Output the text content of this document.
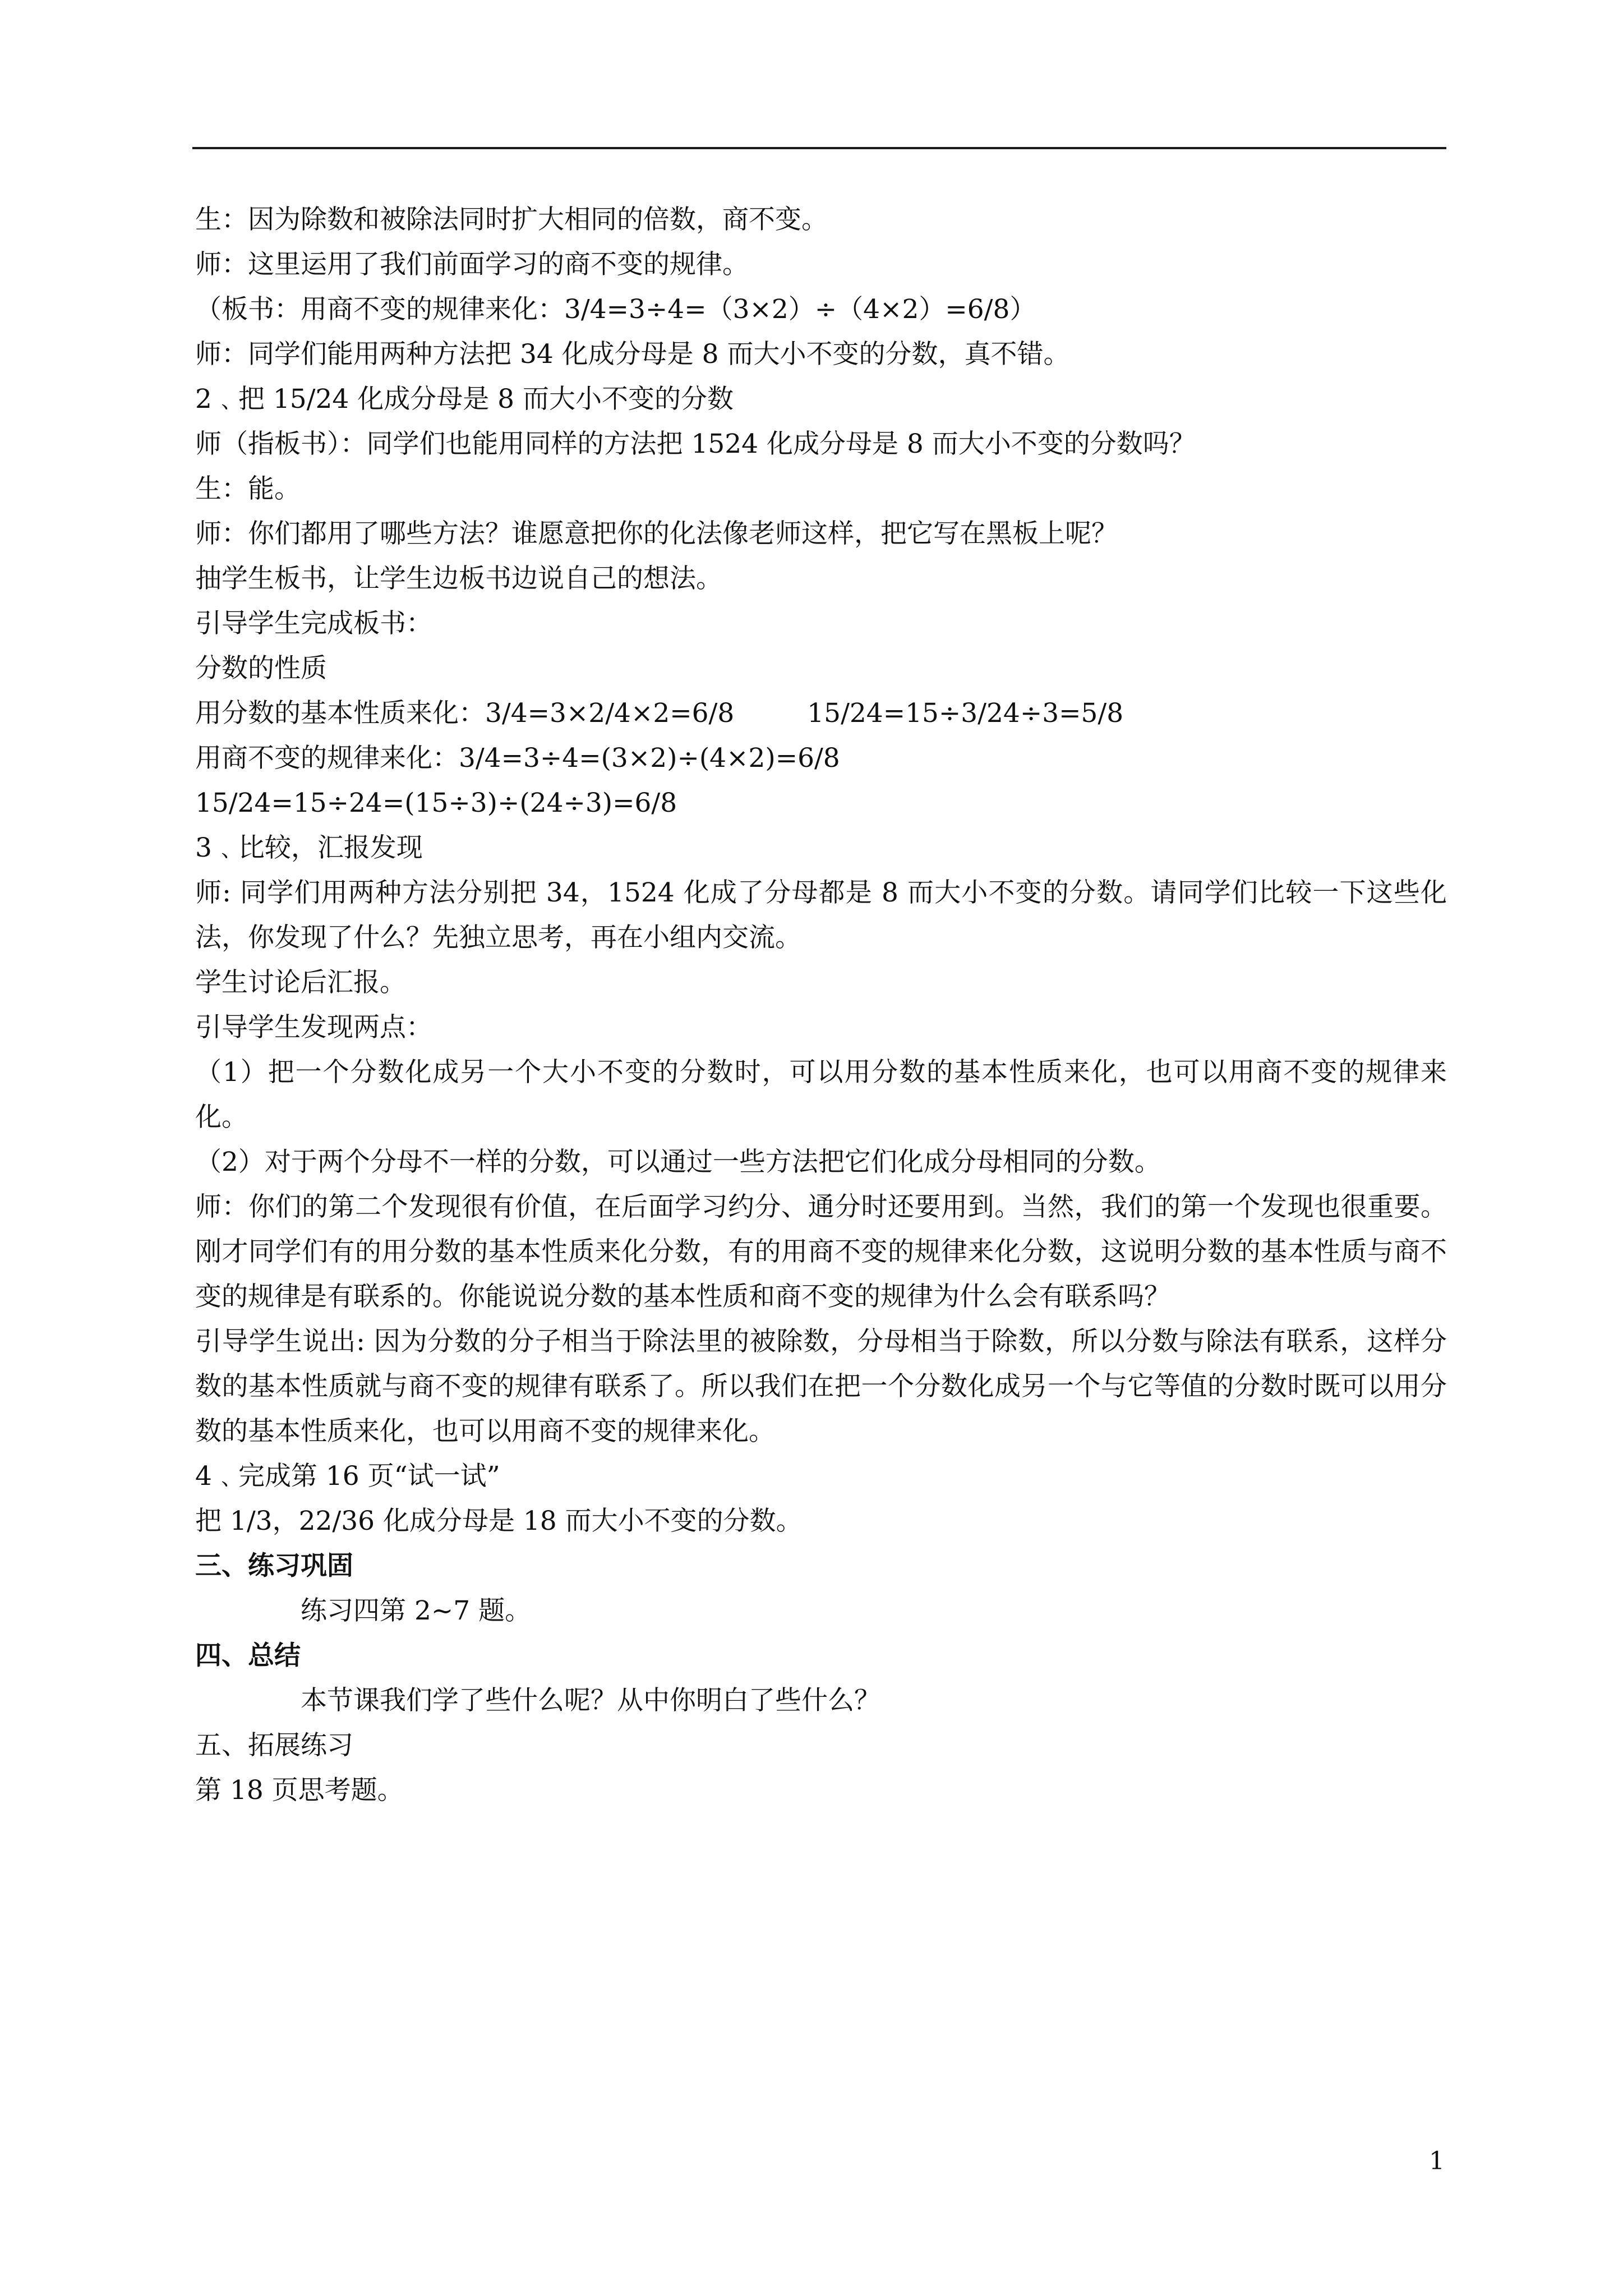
生：因为除数和被除法同时扩大相同的倍数，商不变。

师：这里运用了我们前面学习的商不变的规律。

（板书：用商不变的规律来化：3/4=3÷4=（3×2）÷（4×2）=6/8）

师：同学们能用两种方法把 34 化成分母是 8 而大小不变的分数，真不错。

2﹑把 15/24 化成分母是 8 而大小不变的分数

师（指板书）：同学们也能用同样的方法把 1524 化成分母是 8 而大小不变的分数吗？

生：能。

师：你们都用了哪些方法？谁愿意把你的化法像老师这样，把它写在黑板上呢？

抽学生板书，让学生边板书边说自己的想法。

引导学生完成板书：

分数的性质

用分数的基本性质来化：3/4=3×2/4×2=6/8	15/24=15÷3/24÷3=5/8

用商不变的规律来化：3/4=3÷4=(3×2)÷(4×2)=6/8

15/24=15÷24=(15÷3)÷(24÷3)=6/8

3﹑比较，汇报发现

师: 同学们用两种方法分别把 34，1524 化成了分母都是 8 而大小不变的分数。请同学们比较一下这些化法，你发现了什么？先独立思考，再在小组内交流。

学生讨论后汇报。

引导学生发现两点：

（1）把一个分数化成另一个大小不变的分数时，可以用分数的基本性质来化，也可以用商不变的规律来化。

（2）对于两个分母不一样的分数，可以通过一些方法把它们化成分母相同的分数。

师：你们的第二个发现很有价值，在后面学习约分、通分时还要用到。当然，我们的第一个发现也很重要。刚才同学们有的用分数的基本性质来化分数，有的用商不变的规律来化分数，这说明分数的基本性质与商不变的规律是有联系的。你能说说分数的基本性质和商不变的规律为什么会有联系吗？

引导学生说出: 因为分数的分子相当于除法里的被除数，分母相当于除数，所以分数与除法有联系，这样分数的基本性质就与商不变的规律有联系了。所以我们在把一个分数化成另一个与它等值的分数时既可以用分数的基本性质来化，也可以用商不变的规律来化。

4﹑完成第 16 页“试一试”

把 1/3，22/36 化成分母是 18 而大小不变的分数。

三、练习巩固

练习四第 2~7 题。

四、总结

本节课我们学了些什么呢？从中你明白了些什么？

五、拓展练习

第 18 页思考题。

1
